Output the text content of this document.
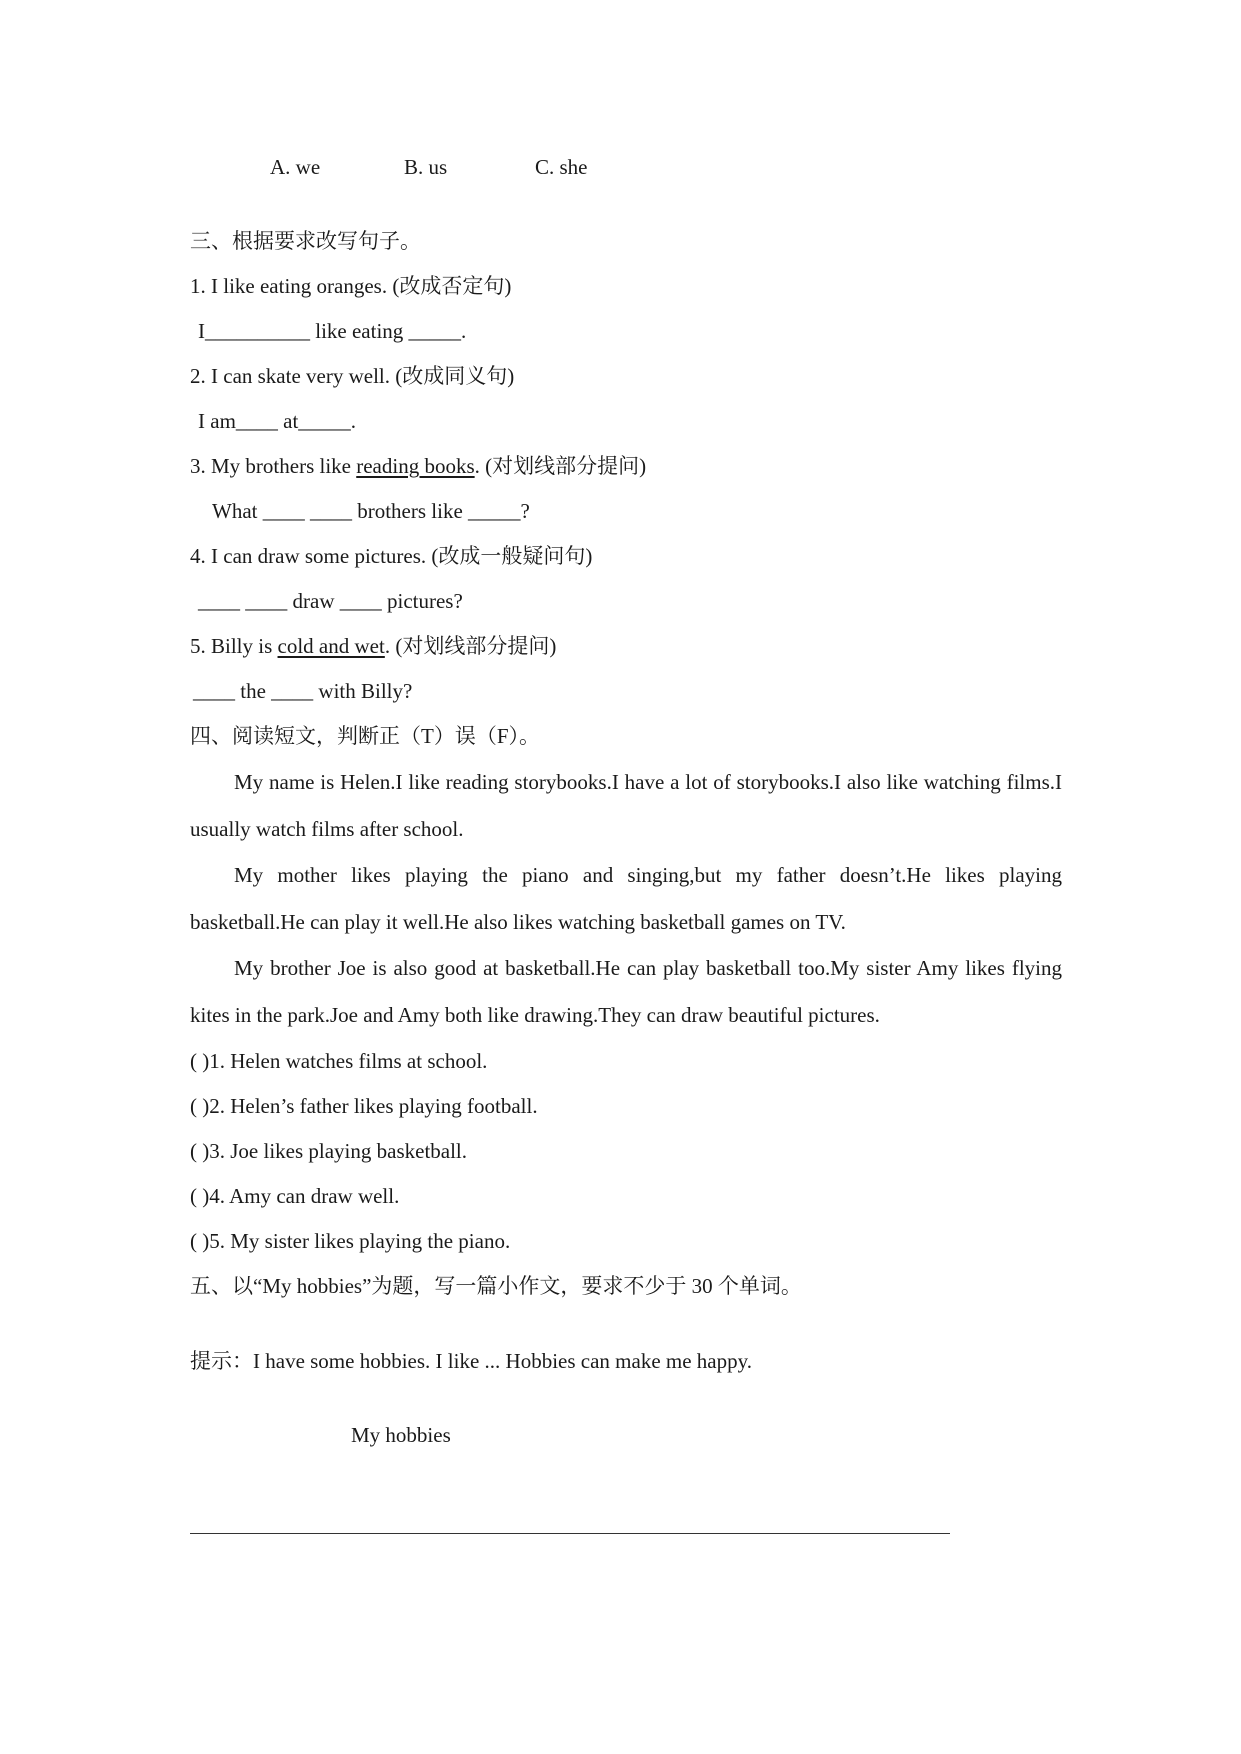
A. we	B. us	C. she
三、根据要求改写句子。
1. I like eating oranges. (改成否定句)
I__________ like eating _____.
2. I can skate very well. (改成同义句)
I am____ at_____.
3. My brothers like reading books. (对划线部分提问)
What ____ ____ brothers like _____?
4. I can draw some pictures. (改成一般疑问句)
____ ____ draw ____ pictures?
5. Billy is cold and wet. (对划线部分提问)
____ the ____ with Billy?
四、阅读短文，判断正（T）误（F）。

My name is Helen.I like reading storybooks.I have a lot of storybooks.I also like watching films.I usually watch films after school.

My mother likes playing the piano and singing,but my father doesn’t.He likes playing basketball.He can play it well.He also likes watching basketball games on TV.

My brother Joe is also good at basketball.He can play basketball too.My sister Amy likes flying kites in the park.Joe and Amy both like drawing.They can draw beautiful pictures.

( )1. Helen watches films at school.
( )2. Helen’s father likes playing football.
( )3. Joe likes playing basketball.
( )4. Amy can draw well.
( )5. My sister likes playing the piano.
五、以“My hobbies”为题，写一篇小作文，要求不少于 30 个单词。
提示：I have some hobbies. I like ... Hobbies can make me happy.
My hobbies
